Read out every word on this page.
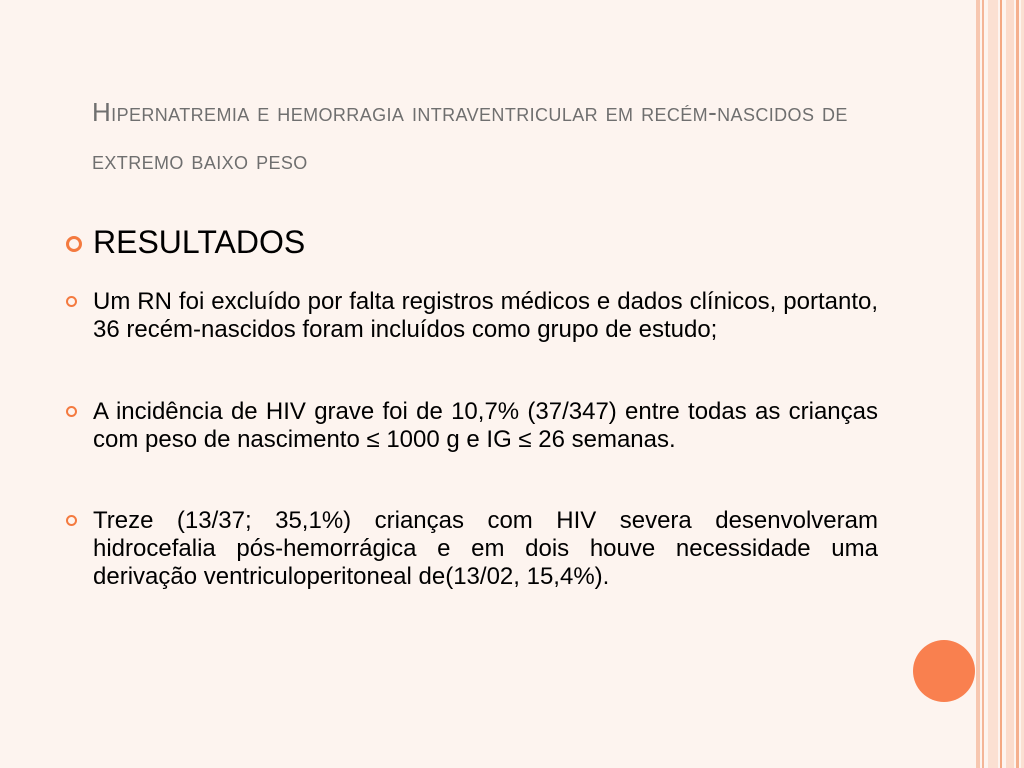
Hipernatremia e hemorragia intraventricular em recém-nascidos de extremo baixo peso
RESULTADOS
Um RN foi excluído por falta registros médicos e dados clínicos, portanto, 36 recém-nascidos foram incluídos como grupo de estudo;
A incidência de HIV grave foi de 10,7% (37/347) entre todas as crianças com peso de nascimento ≤ 1000 g e IG ≤ 26 semanas.
Treze (13/37; 35,1%) crianças com HIV severa desenvolveram hidrocefalia pós-hemorrágica e em dois houve necessidade uma derivação ventriculoperitoneal de(13/02, 15,4%).
